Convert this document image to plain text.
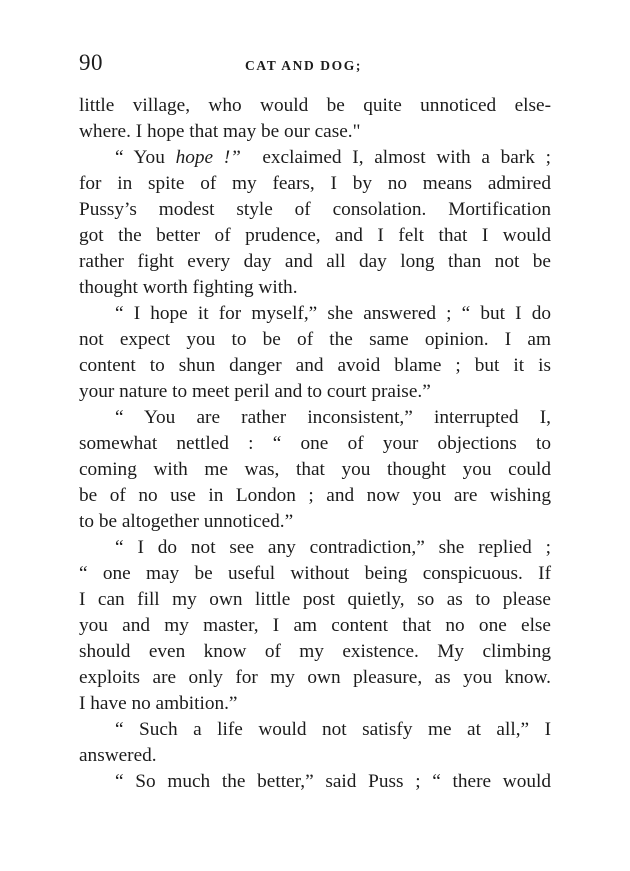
90	CAT AND DOG;
little village, who would be quite unnoticed else-
where. I hope that may be our case."
“ You hope !” exclaimed I, almost with a bark ;
for in spite of my fears, I by no means admired
Pussy’s modest style of consolation. Mortification
got the better of prudence, and I felt that I would
rather fight every day and all day long than not be
thought worth fighting with.
“ I hope it for myself,” she answered ; “ but I do
not expect you to be of the same opinion. I am
content to shun danger and avoid blame ; but it is
your nature to meet peril and to court praise.”
“ You are rather inconsistent,” interrupted I,
somewhat nettled : “ one of your objections to
coming with me was, that you thought you could
be of no use in London ; and now you are wishing
to be altogether unnoticed.”
“ I do not see any contradiction,” she replied ;
“ one may be useful without being conspicuous. If
I can fill my own little post quietly, so as to please
you and my master, I am content that no one else
should even know of my existence. My climbing
exploits are only for my own pleasure, as you know.
I have no ambition.”
“ Such a life would not satisfy me at all,” I
answered.
“ So much the better,” said Puss ; “ there would
